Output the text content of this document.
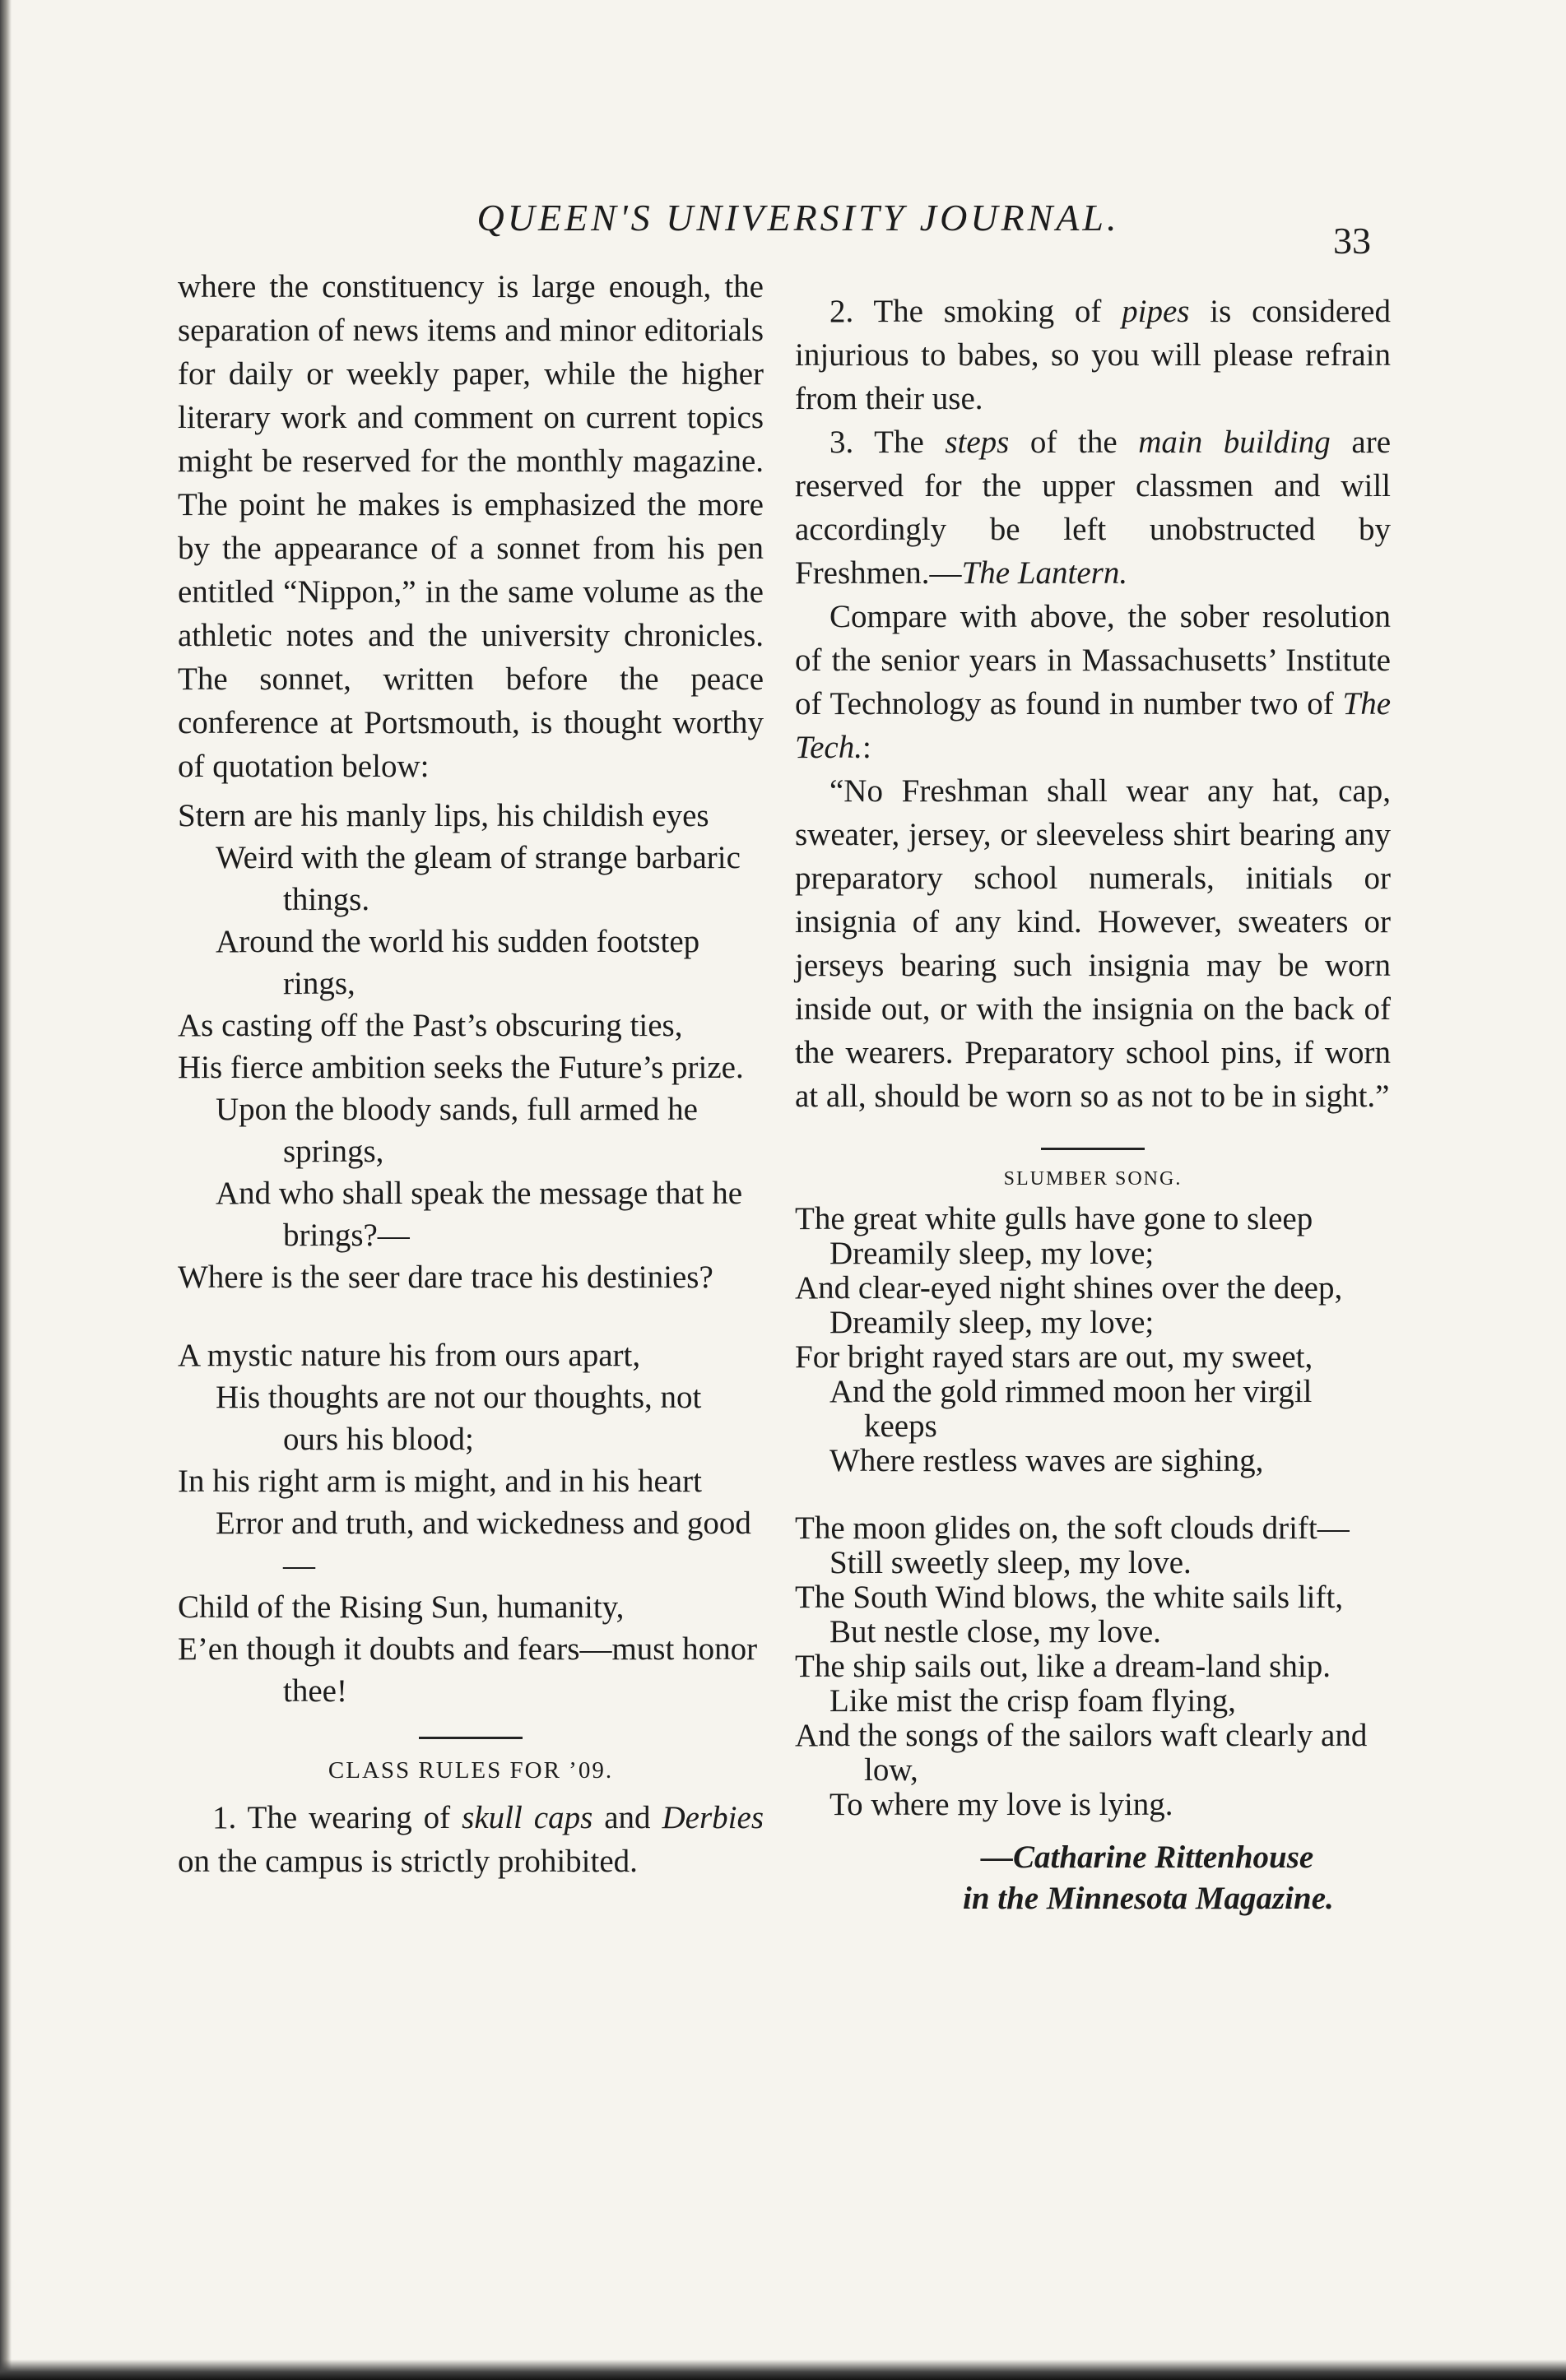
QUEEN'S UNIVERSITY JOURNAL.
33

where the constituency is large enough, the separation of news items and minor editorials for daily or weekly paper, while the higher literary work and comment on current topics might be reserved for the monthly magazine. The point he makes is emphasized the more by the appearance of a sonnet from his pen entitled “Nippon,” in the same volume as the athletic notes and the university chronicles. The sonnet, written before the peace conference at Portsmouth, is thought worthy of quotation below:

Stern are his manly lips, his childish eyes

Weird with the gleam of strange barbaric things.

Around the world his sudden footstep rings,

As casting off the Past’s obscuring ties,

His fierce ambition seeks the Future’s prize.

Upon the bloody sands, full armed he springs,

And who shall speak the message that he brings?—

Where is the seer dare trace his destinies?

A mystic nature his from ours apart,

His thoughts are not our thoughts, not ours his blood;

In his right arm is might, and in his heart

Error and truth, and wickedness and good—

Child of the Rising Sun, humanity,

E’en though it doubts and fears—must honor thee!

CLASS RULES FOR ’09.

1. The wearing of skull caps and Derbies on the campus is strictly prohibited.

2. The smoking of pipes is considered injurious to babes, so you will please refrain from their use.

3. The steps of the main building are reserved for the upper classmen and will accordingly be left unobstructed by Freshmen.—The Lantern.

Compare with above, the sober resolution of the senior years in Massachusetts’ Institute of Technology as found in number two of The Tech.:

“No Freshman shall wear any hat, cap, sweater, jersey, or sleeveless shirt bearing any preparatory school numerals, initials or insignia of any kind. However, sweaters or jerseys bearing such insignia may be worn inside out, or with the insignia on the back of the wearers. Preparatory school pins, if worn at all, should be worn so as not to be in sight.”

SLUMBER SONG.

The great white gulls have gone to sleep

Dreamily sleep, my love;

And clear-eyed night shines over the deep,

Dreamily sleep, my love;

For bright rayed stars are out, my sweet,

And the gold rimmed moon her virgil keeps

Where restless waves are sighing,

The moon glides on, the soft clouds drift—

Still sweetly sleep, my love.

The South Wind blows, the white sails lift,

But nestle close, my love.

The ship sails out, like a dream-land ship.

Like mist the crisp foam flying,

And the songs of the sailors waft clearly and low,

To where my love is lying.

—Catharine Rittenhouse

in the Minnesota Magazine.
